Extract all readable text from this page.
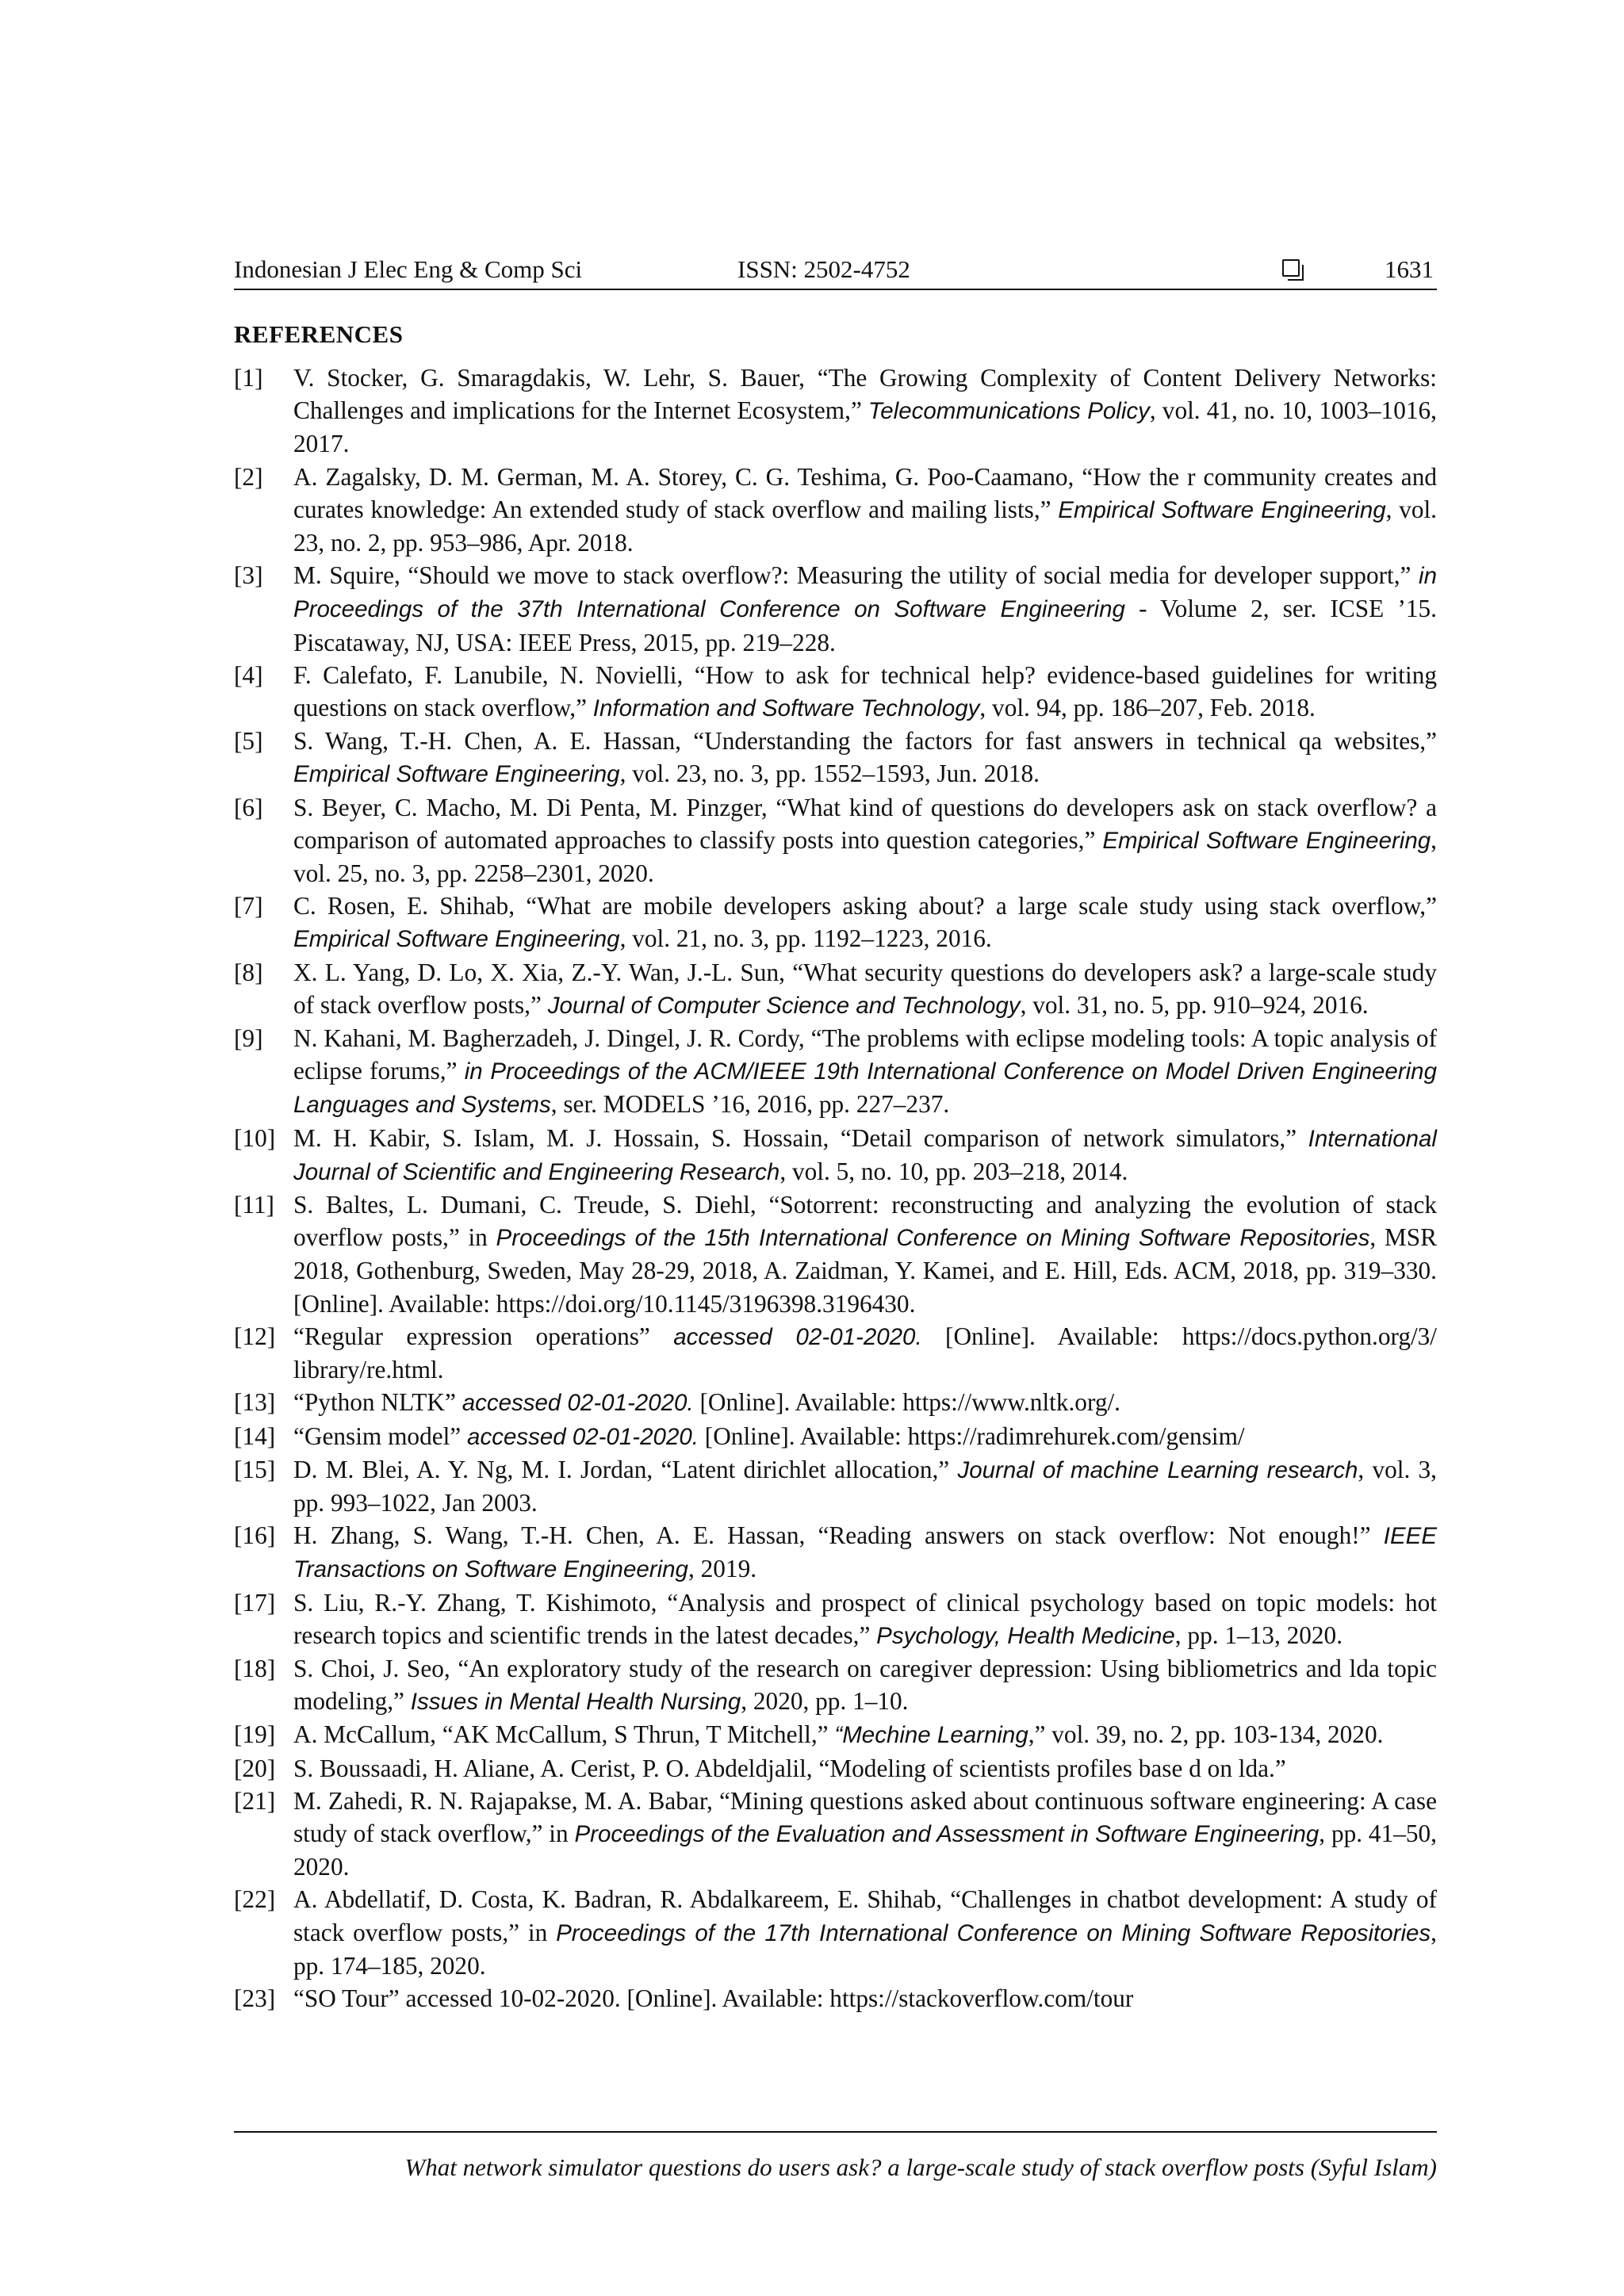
Indonesian J Elec Eng & Comp Sci	ISSN: 2502-4752	1631
REFERENCES
[1] V. Stocker, G. Smaragdakis, W. Lehr, S. Bauer, “The Growing Complexity of Content Delivery Networks: Challenges and implications for the Internet Ecosystem,” Telecommunications Policy, vol. 41, no. 10, 1003–1016, 2017.
[2] A. Zagalsky, D. M. German, M. A. Storey, C. G. Teshima, G. Poo-Caamano, “How the r community creates and curates knowledge: An extended study of stack overflow and mailing lists,” Empirical Software Engineering, vol. 23, no. 2, pp. 953–986, Apr. 2018.
[3] M. Squire, “Should we move to stack overflow?: Measuring the utility of social media for developer support,” in Proceedings of the 37th International Conference on Software Engineering - Volume 2, ser. ICSE ’15. Piscataway, NJ, USA: IEEE Press, 2015, pp. 219–228.
[4] F. Calefato, F. Lanubile, N. Novielli, “How to ask for technical help? evidence-based guidelines for writing questions on stack overflow,” Information and Software Technology, vol. 94, pp. 186–207, Feb. 2018.
[5] S. Wang, T.-H. Chen, A. E. Hassan, “Understanding the factors for fast answers in technical qa websites,” Empirical Software Engineering, vol. 23, no. 3, pp. 1552–1593, Jun. 2018.
[6] S. Beyer, C. Macho, M. Di Penta, M. Pinzger, “What kind of questions do developers ask on stack overflow? a comparison of automated approaches to classify posts into question categories,” Empirical Software Engineering, vol. 25, no. 3, pp. 2258–2301, 2020.
[7] C. Rosen, E. Shihab, “What are mobile developers asking about? a large scale study using stack overflow,” Empirical Software Engineering, vol. 21, no. 3, pp. 1192–1223, 2016.
[8] X. L. Yang, D. Lo, X. Xia, Z.-Y. Wan, J.-L. Sun, “What security questions do developers ask? a large-scale study of stack overflow posts,” Journal of Computer Science and Technology, vol. 31, no. 5, pp. 910–924, 2016.
[9] N. Kahani, M. Bagherzadeh, J. Dingel, J. R. Cordy, “The problems with eclipse modeling tools: A topic analysis of eclipse forums,” in Proceedings of the ACM/IEEE 19th International Conference on Model Driven Engineering Languages and Systems, ser. MODELS ’16, 2016, pp. 227–237.
[10] M. H. Kabir, S. Islam, M. J. Hossain, S. Hossain, “Detail comparison of network simulators,” International Journal of Scientific and Engineering Research, vol. 5, no. 10, pp. 203–218, 2014.
[11] S. Baltes, L. Dumani, C. Treude, S. Diehl, “Sotorrent: reconstructing and analyzing the evolution of stack overflow posts,” in Proceedings of the 15th International Conference on Mining Software Repositories, MSR 2018, Gothenburg, Sweden, May 28-29, 2018, A. Zaidman, Y. Kamei, and E. Hill, Eds. ACM, 2018, pp. 319–330. [Online]. Available: https://doi.org/10.1145/3196398.3196430.
[12] “Regular expression operations” accessed 02-01-2020. [Online]. Available: https://docs.python.org/3/ library/re.html.
[13] “Python NLTK” accessed 02-01-2020. [Online]. Available: https://www.nltk.org/.
[14] “Gensim model” accessed 02-01-2020. [Online]. Available: https://radimrehurek.com/gensim/
[15] D. M. Blei, A. Y. Ng, M. I. Jordan, “Latent dirichlet allocation,” Journal of machine Learning research, vol. 3, pp. 993–1022, Jan 2003.
[16] H. Zhang, S. Wang, T.-H. Chen, A. E. Hassan, “Reading answers on stack overflow: Not enough!” IEEE Transactions on Software Engineering, 2019.
[17] S. Liu, R.-Y. Zhang, T. Kishimoto, “Analysis and prospect of clinical psychology based on topic models: hot research topics and scientific trends in the latest decades,” Psychology, Health Medicine, pp. 1–13, 2020.
[18] S. Choi, J. Seo, “An exploratory study of the research on caregiver depression: Using bibliometrics and lda topic modeling,” Issues in Mental Health Nursing, 2020, pp. 1–10.
[19] A. McCallum, “AK McCallum, S Thrun, T Mitchell,” “Mechine Learning,” vol. 39, no. 2, pp. 103-134, 2020.
[20] S. Boussaadi, H. Aliane, A. Cerist, P. O. Abdeldjalil, “Modeling of scientists profiles base d on lda.”
[21] M. Zahedi, R. N. Rajapakse, M. A. Babar, “Mining questions asked about continuous software engineering: A case study of stack overflow,” in Proceedings of the Evaluation and Assessment in Software Engineering, pp. 41–50, 2020.
[22] A. Abdellatif, D. Costa, K. Badran, R. Abdalkareem, E. Shihab, “Challenges in chatbot development: A study of stack overflow posts,” in Proceedings of the 17th International Conference on Mining Software Repositories, pp. 174–185, 2020.
[23] “SO Tour” accessed 10-02-2020. [Online]. Available: https://stackoverflow.com/tour
What network simulator questions do users ask? a large-scale study of stack overflow posts (Syful Islam)
